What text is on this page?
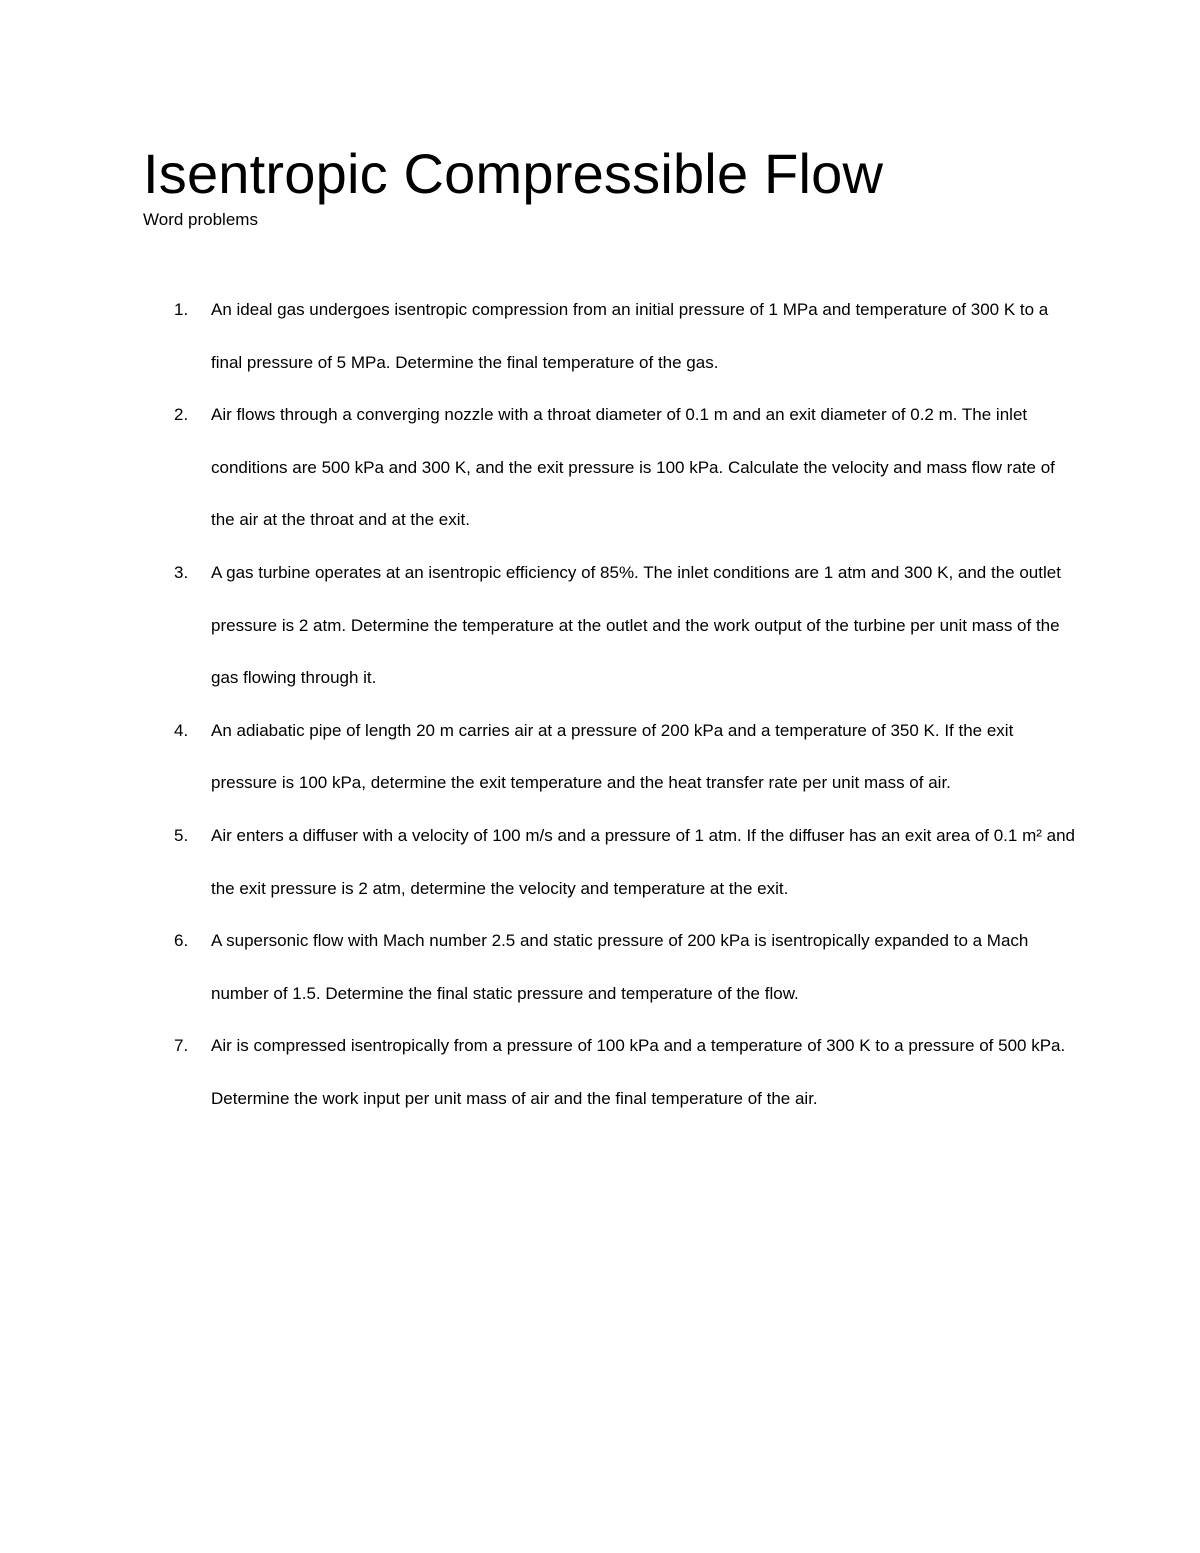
Isentropic Compressible Flow

Word problems

1. An ideal gas undergoes isentropic compression from an initial pressure of 1 MPa and temperature of 300 K to a final pressure of 5 MPa. Determine the final temperature of the gas.
2. Air flows through a converging nozzle with a throat diameter of 0.1 m and an exit diameter of 0.2 m. The inlet conditions are 500 kPa and 300 K, and the exit pressure is 100 kPa. Calculate the velocity and mass flow rate of the air at the throat and at the exit.
3. A gas turbine operates at an isentropic efficiency of 85%. The inlet conditions are 1 atm and 300 K, and the outlet pressure is 2 atm. Determine the temperature at the outlet and the work output of the turbine per unit mass of the gas flowing through it.
4. An adiabatic pipe of length 20 m carries air at a pressure of 200 kPa and a temperature of 350 K. If the exit pressure is 100 kPa, determine the exit temperature and the heat transfer rate per unit mass of air.
5. Air enters a diffuser with a velocity of 100 m/s and a pressure of 1 atm. If the diffuser has an exit area of 0.1 m² and the exit pressure is 2 atm, determine the velocity and temperature at the exit.
6. A supersonic flow with Mach number 2.5 and static pressure of 200 kPa is isentropically expanded to a Mach number of 1.5. Determine the final static pressure and temperature of the flow.
7. Air is compressed isentropically from a pressure of 100 kPa and a temperature of 300 K to a pressure of 500 kPa. Determine the work input per unit mass of air and the final temperature of the air.
